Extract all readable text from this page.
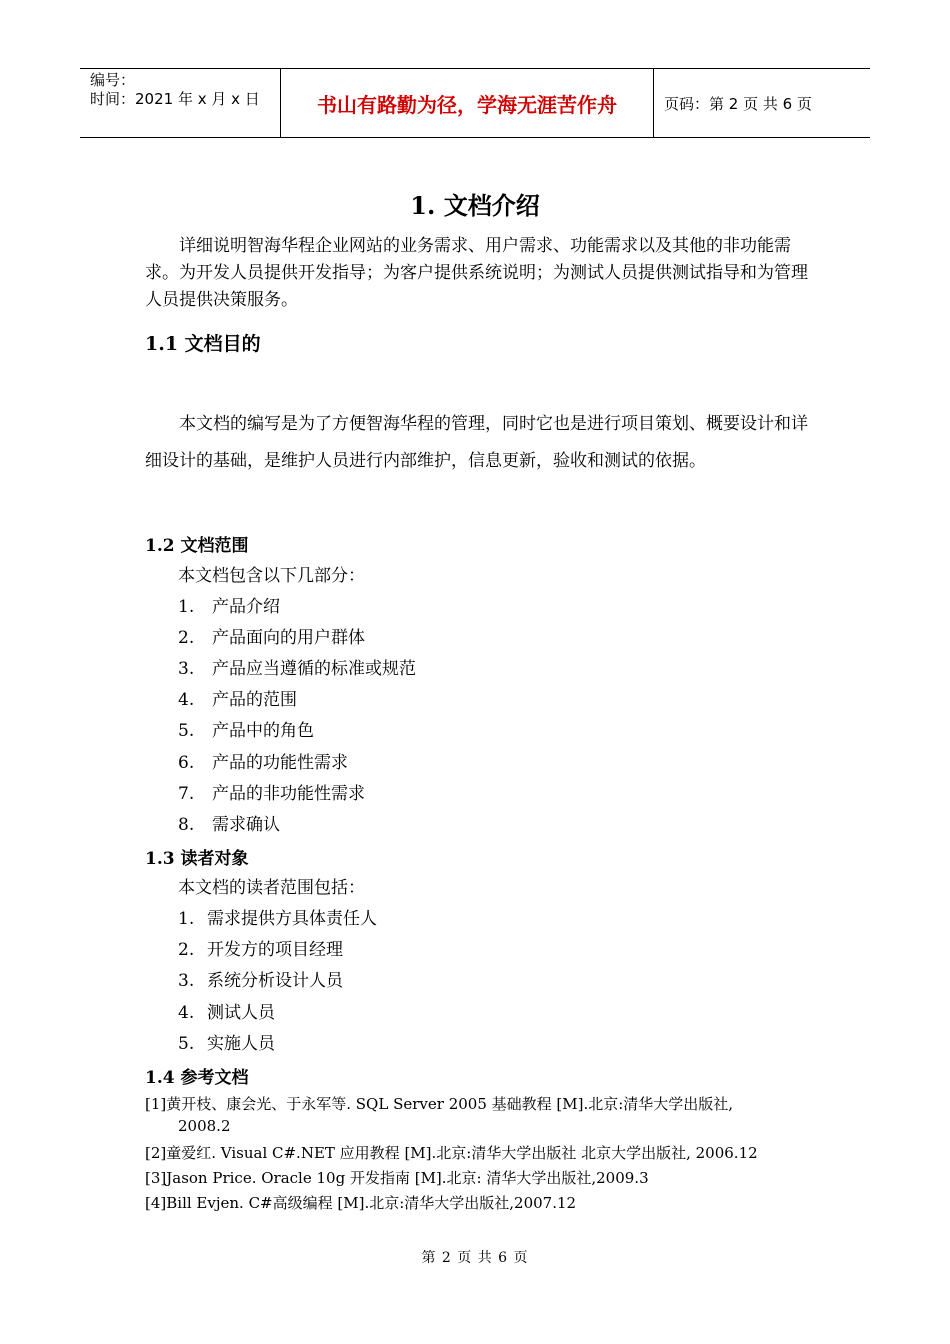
编号：
时间：2021 年 x 月 x 日	书山有路勤为径，学海无涯苦作舟	页码：第 2 页 共 6 页
1. 文档介绍
详细说明智海华程企业网站的业务需求、用户需求、功能需求以及其他的非功能需求。为开发人员提供开发指导；为客户提供系统说明；为测试人员提供测试指导和为管理人员提供决策服务。
1.1 文档目的
本文档的编写是为了方便智海华程的管理，同时它也是进行项目策划、概要设计和详细设计的基础，是维护人员进行内部维护，信息更新，验收和测试的依据。
1.2 文档范围
本文档包含以下几部分：
1. 产品介绍
2. 产品面向的用户群体
3. 产品应当遵循的标准或规范
4. 产品的范围
5. 产品中的角色
6. 产品的功能性需求
7. 产品的非功能性需求
8. 需求确认
1.3 读者对象
本文档的读者范围包括：
1. 需求提供方具体责任人
2. 开发方的项目经理
3. 系统分析设计人员
4. 测试人员
5. 实施人员
1.4 参考文档
[1]黄开枝、康会光、于永军等. SQL Server 2005 基础教程 [M].北京:清华大学出版社,
2008.2
[2]童爱红. Visual C#.NET 应用教程 [M].北京:清华大学出版社 北京大学出版社, 2006.12
[3]Jason Price. Oracle 10g 开发指南 [M].北京: 清华大学出版社,2009.3
[4]Bill Evjen. C#高级编程 [M].北京:清华大学出版社,2007.12
第 2 页 共 6 页
